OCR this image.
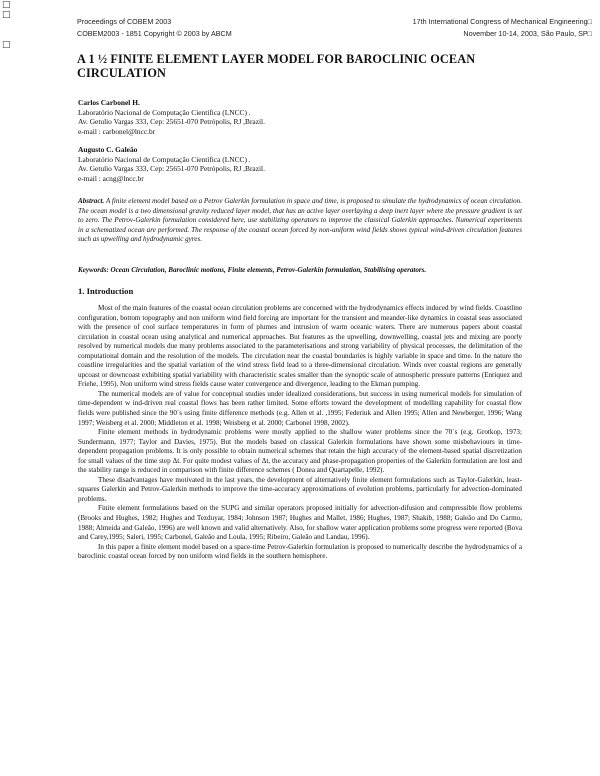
□
□
□
Proceedings of COBEM 2003
COBEM2003 - 1851 Copyright © 2003 by ABCM
17th International Congress of Mechanical Engineering□
November 10-14, 2003, São Paulo, SP□
A 1 ½ FINITE ELEMENT LAYER MODEL FOR BAROCLINIC OCEAN CIRCULATION
Carlos Carbonel H.
Laboratório Nacional de Computação Científica (LNCC) .
Av. Getulio Vargas 333, Cep: 25651-070 Petrópolis, RJ ,Brazil.
e-mail : carbonel@lncc.br
Augusto C. Galeão
Laboratório Nacional de Computação Científica (LNCC) .
Av. Getulio Vargas 333, Cep: 25651-070 Petrópolis, RJ ,Brazil.
e-mail : acng@lncc.br

Abstract. A finite element model based on a Petrov Galerkin formulation in space and time, is proposed to simulate the hydrodynamics of ocean circulation. The ocean model is a two dimensional gravity reduced layer model, that has an active layer overlaying a deep inert layer where the pressure gradient is set to zero. The Petrov-Galerkin formulation considered here, use stabilizing operators to improve the classical Galerkin approaches. Numerical experiments in a schematized ocean are performed. The response of the coastal ocean forced by non-uniform wind fields shows typical wind-driven circulation features such as upwelling and hydrodynamic gyres.

Keywords: Ocean Circulation, Baroclinic motions, Finite elements, Petrov-Galerkin formulation, Stabilising operators.
1. Introduction

Most of the main features of the coastal ocean circulation problems are concerned with the hydrodynamics effects induced by wind fields. Coastline configuration, bottom topography and non uniform wind field forcing are important for the transient and meander-like dynamics in coastal seas associated with the presence of cool surface temperatures in form of plumes and intrusion of warm oceanic waters. There are numerous papers about coastal circulation in coastal ocean using analytical and numerical approaches. But features as the upwelling, downwelling, coastal jets and mixing are poorly resolved by numerical models due many problems associated to the parameterisations and strong variability of physical processes, the delimitation of the computational domain and the resolution of the models. The circulation near the coastal boundaries is highly variable in space and time. In the nature the coastline irregularities and the spatial variation of the wind stress field lead to a three-dimensional circulation. Winds over coastal regions are generally upcoast or downcoast exhibiting spatial variability with characteristic scales smaller than the synoptic scale of atmospheric pressure patterns (Enriquez and Friehe, 1995). Non uniform wind stress fields cause water convergence and divergence, leading to the Ekman pumping.

The numerical models are of value for conceptual studies under idealized considerations, but success in using numerical models for simulation of time-dependent w ind-driven real coastal flows has been rather limited. Some efforts toward the development of modelling capability for coastal flow fields were published since the 90´s using finite difference methods (e.g. Allen et al. ,1995; Federiuk and Allen 1995; Allen and Newberger, 1996; Wang 1997; Weisberg et al. 2000; Middleton et al. 1998; Weisberg et al. 2000; Carbonel 1998, 2002).

Finite element methods in hydrodynamic problems were mostly applied to the shallow water problems since the 70´s (e.g. Grotkop, 1973; Sundermann, 1977; Taylor and Davies, 1975). But the models based on classical Galerkin formulations have shown some misbehaviours in time-dependent propagation problems. It is only possible to obtain numerical schemes that retain the high accuracy of the element-based spatial discretization for small values of the time step Δt. For quite modest values of Δt, the accuracy and phase-propagation properties of the Galerkin formulation are lost and the stability range is reduced in comparison with finite difference schemes ( Donea and Quartapelle, 1992).

These disadvantages have motivated in the last years, the development of alternatively finite element formulations such as Taylor-Galerkin, least-squares Galerkin and Petrov-Galerkin methods to improve the time-accuracy approximations of evolution problems, particularly for advection-dominated problems.

Finite element formulations based on the SUPG and similar operators proposed initially for advection-difusion and compressible flow problems (Brooks and Hughes, 1982; Hughes and Tezduyar, 1984; Johnson 1987; Hughes and Mallet, 1986; Hughes, 1987; Shakib, 1988; Galeão and Do Carmo, 1988; Almeida and Galeão, 1996) are well known and valid alternatively. Also, for shallow water application problems some progress were reported (Bova and Carey,1995; Saleri, 1995; Carbonel, Galeão and Loula, 1995; Ribeiro, Galeão and Landau, 1996).

In this paper a finite element model based on a space-time Petrov-Galerkin formulation is proposed to numerically describe the hydrodynamics of a baroclinic coastal ocean forced by non uniform wind fields in the southern hemisphere.
